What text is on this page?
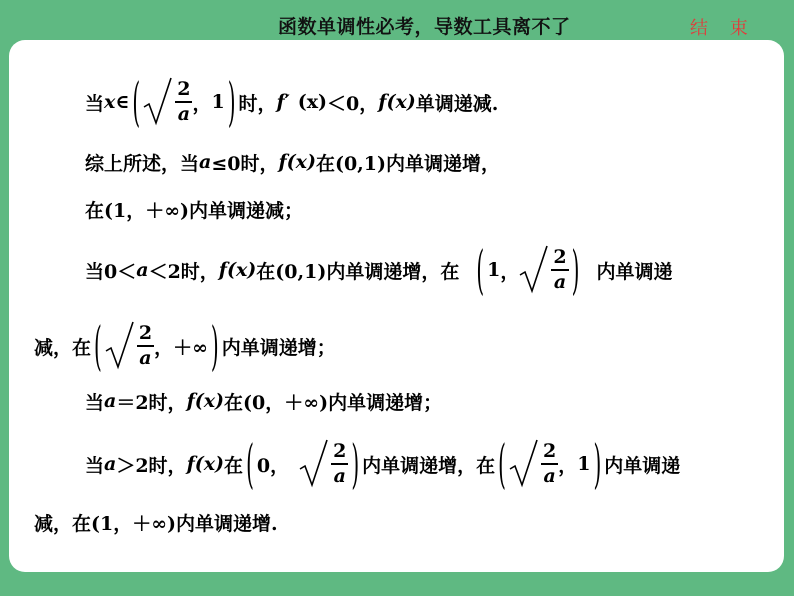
函数单调性必考，导数工具离不了	结 束
当 x ∈ ( $\frac{2}{a}$ ， 1 ) 时， f′ (x) ＜0， f(x) 单调递减.
综上所述，当 a ≤0时， f(x) 在(0,1) 内单调递增，
在(1，＋∞) 内单调递减；
当 0＜ a ＜2时， f(x) 在(0,1) 内单调递增， 在 ( 1 ， $\frac{2}{a}$ ) 内单调递
减，在 ( $\frac{2}{a}$ ， ＋∞ ) 内单调递增；
当 a ＝2时， f(x) 在(0，＋∞) 内单调递增；
当 a ＞2时， f(x) 在 ( 0， $\frac{2}{a}$ ) 内单调递增，在 ( $\frac{2}{a}$ ， 1 ) 内单调递
减，在(1，＋∞) 内单调递增.
